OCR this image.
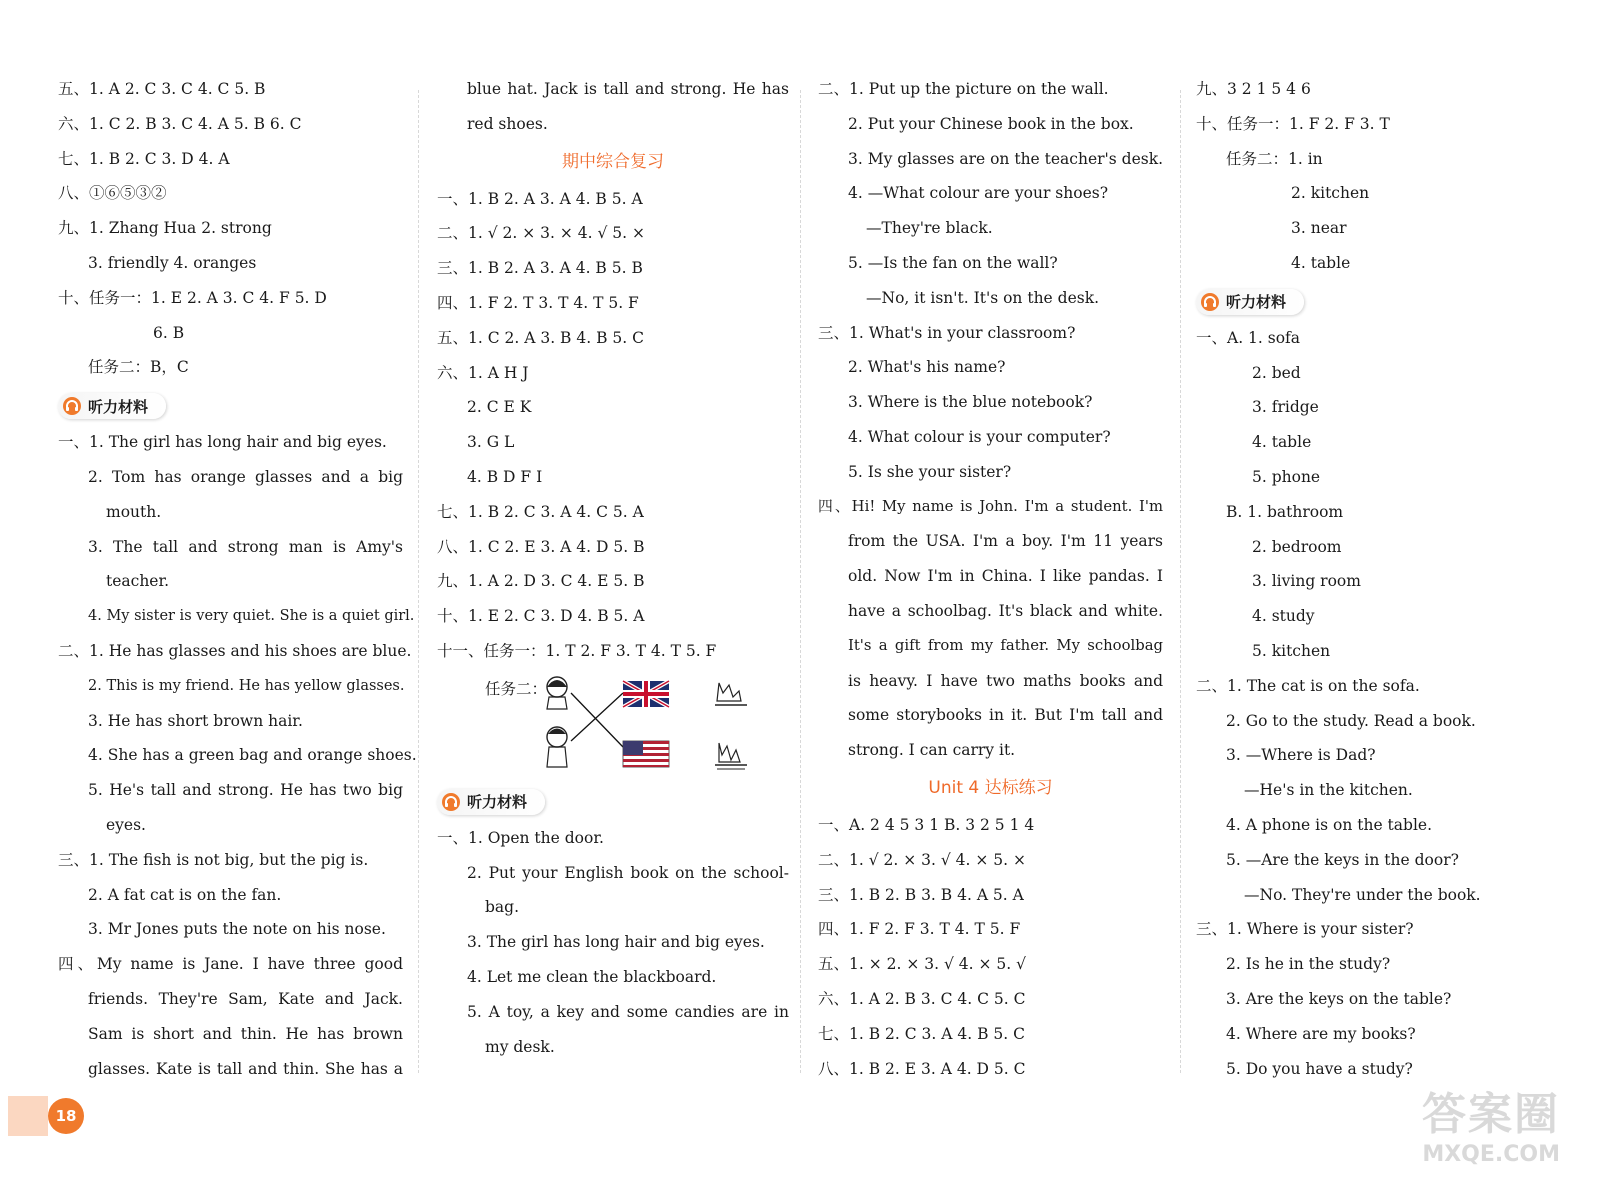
五、1. A 2. C 3. C 4. C 5. B
六、1. C 2. B 3. C 4. A 5. B 6. C
七、1. B 2. C 3. D 4. A
八、①⑥⑤③②
九、1. Zhang Hua 2. strong
3. friendly 4. oranges
十、任务一：1. E 2. A 3. C 4. F 5. D
6. B
任务二：B，C
听力材料
一、1. The girl has long hair and big eyes.
2. Tom has orange glasses and a big
mouth.
3. The tall and strong man is Amy's
teacher.
4. My sister is very quiet. She is a quiet girl.
二、1. He has glasses and his shoes are blue.
2. This is my friend. He has yellow glasses.
3. He has short brown hair.
4. She has a green bag and orange shoes.
5. He's tall and strong. He has two big
eyes.
三、1. The fish is not big, but the pig is.
2. A fat cat is on the fan.
3. Mr Jones puts the note on his nose.
四、My name is Jane. I have three good
friends. They're Sam, Kate and Jack.
Sam is short and thin. He has brown
glasses. Kate is tall and thin. She has a
blue hat. Jack is tall and strong. He has
red shoes.
期中综合复习
一、1. B 2. A 3. A 4. B 5. A
二、1. √ 2. × 3. × 4. √ 5. ×
三、1. B 2. A 3. A 4. B 5. B
四、1. F 2. T 3. T 4. T 5. F
五、1. C 2. A 3. B 4. B 5. C
六、1. A H J
2. C E K
3. G L
4. B D F I
七、1. B 2. C 3. A 4. C 5. A
八、1. C 2. E 3. A 4. D 5. B
九、1. A 2. D 3. C 4. E 5. B
十、1. E 2. C 3. D 4. B 5. A
十一、任务一：1. T 2. F 3. T 4. T 5. F
任务二：
听力材料
一、1. Open the door.
2. Put your English book on the school-
bag.
3. The girl has long hair and big eyes.
4. Let me clean the blackboard.
5. A toy, a key and some candies are in
my desk.
二、1. Put up the picture on the wall.
2. Put your Chinese book in the box.
3. My glasses are on the teacher's desk.
4. —What colour are your shoes?
—They're black.
5. —Is the fan on the wall?
—No, it isn't. It's on the desk.
三、1. What's in your classroom?
2. What's his name?
3. Where is the blue notebook?
4. What colour is your computer?
5. Is she your sister?
四、Hi! My name is John. I'm a student. I'm
from the USA. I'm a boy. I'm 11 years
old. Now I'm in China. I like pandas. I
have a schoolbag. It's black and white.
It's a gift from my father. My schoolbag
is heavy. I have two maths books and
some storybooks in it. But I'm tall and
strong. I can carry it.
Unit 4 达标练习
一、A. 2 4 5 3 1 B. 3 2 5 1 4
二、1. √ 2. × 3. √ 4. × 5. ×
三、1. B 2. B 3. B 4. A 5. A
四、1. F 2. F 3. T 4. T 5. F
五、1. × 2. × 3. √ 4. × 5. √
六、1. A 2. B 3. C 4. C 5. C
七、1. B 2. C 3. A 4. B 5. C
八、1. B 2. E 3. A 4. D 5. C
九、3 2 1 5 4 6
十、任务一：1. F 2. F 3. T
任务二：1. in
2. kitchen
3. near
4. table
听力材料
一、A. 1. sofa
2. bed
3. fridge
4. table
5. phone
B. 1. bathroom
2. bedroom
3. living room
4. study
5. kitchen
二、1. The cat is on the sofa.
2. Go to the study. Read a book.
3. —Where is Dad?
—He's in the kitchen.
4. A phone is on the table.
5. —Are the keys in the door?
—No. They're under the book.
三、1. Where is your sister?
2. Is he in the study?
3. Are the keys on the table?
4. Where are my books?
5. Do you have a study?
18	答案圈
MXQE.COM
